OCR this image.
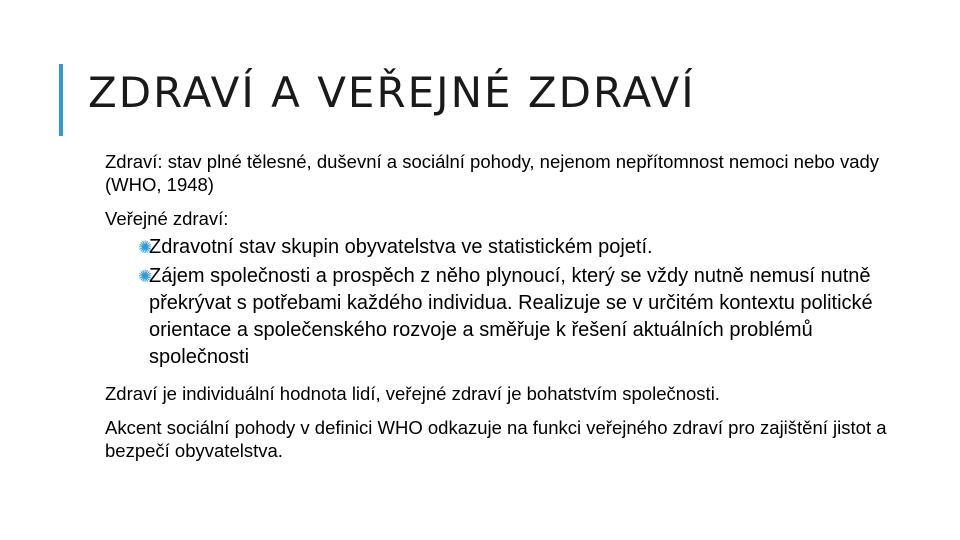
ZDRAVÍ A VEŘEJNÉ ZDRAVÍ

Zdraví: stav plné tělesné, duševní a sociální pohody, nejenom nepřítomnost nemoci nebo vady (WHO, 1948)

Veřejné zdraví:

✺
Zdravotní stav skupin obyvatelstva ve statistickém pojetí.
✺
Zájem společnosti a prospěch z něho plynoucí, který se vždy nutně nemusí nutně překrývat s potřebami každého individua. Realizuje se v určitém kontextu politické orientace a společenského rozvoje a směřuje k řešení aktuálních problémů společnosti

Zdraví je individuální hodnota lidí, veřejné zdraví je bohatstvím společnosti.

Akcent sociální pohody v definici WHO odkazuje na funkci veřejného zdraví pro zajištění jistot a bezpečí obyvatelstva.
